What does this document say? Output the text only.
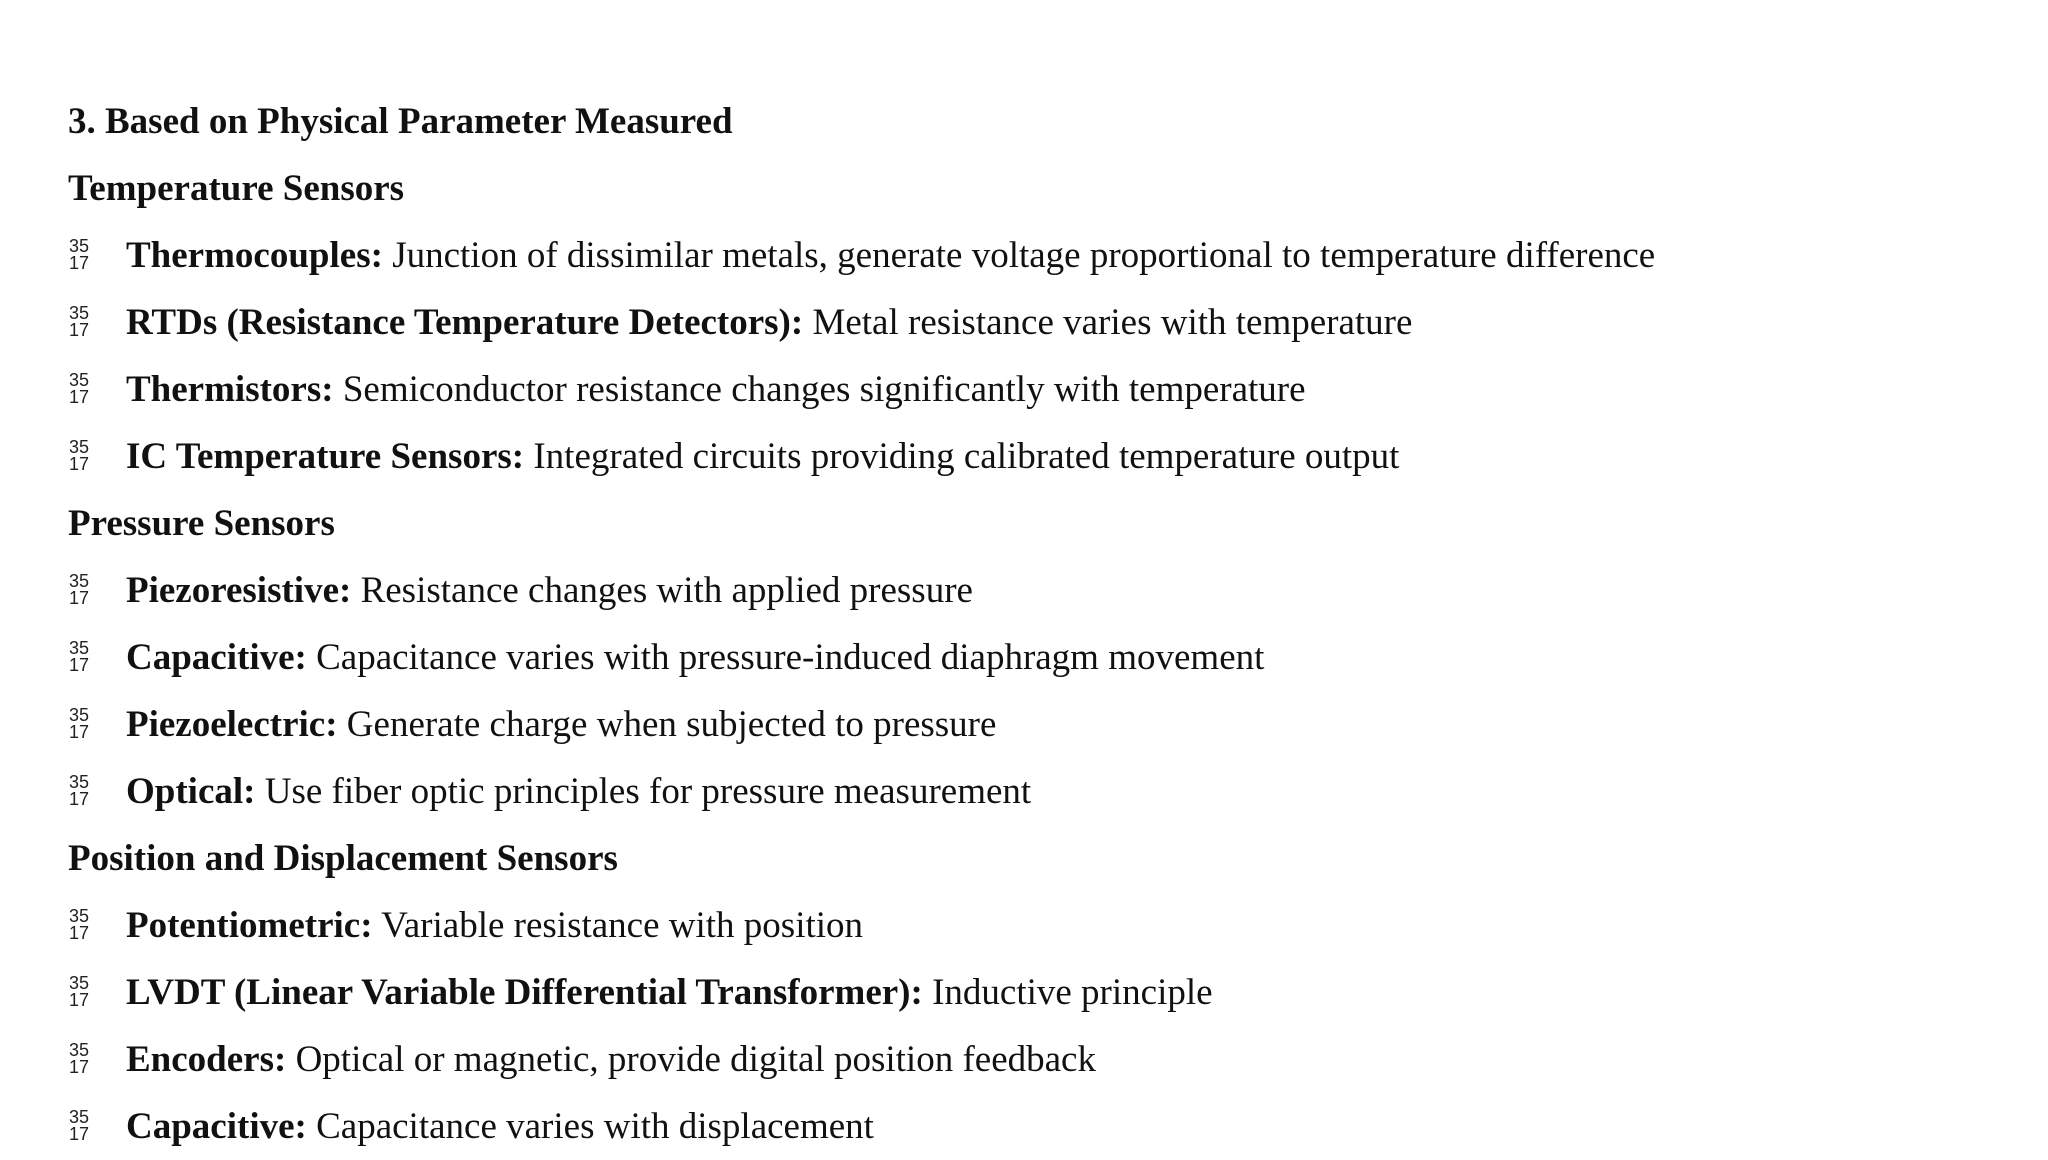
3. Based on Physical Parameter Measured
Temperature Sensors
35
17 Thermocouples: Junction of dissimilar metals, generate voltage proportional to temperature difference
35
17 RTDs (Resistance Temperature Detectors): Metal resistance varies with temperature
35
17 Thermistors: Semiconductor resistance changes significantly with temperature
35
17 IC Temperature Sensors: Integrated circuits providing calibrated temperature output
Pressure Sensors
35
17 Piezoresistive: Resistance changes with applied pressure
35
17 Capacitive: Capacitance varies with pressure-induced diaphragm movement
35
17 Piezoelectric: Generate charge when subjected to pressure
35
17 Optical: Use fiber optic principles for pressure measurement
Position and Displacement Sensors
35
17 Potentiometric: Variable resistance with position
35
17 LVDT (Linear Variable Differential Transformer): Inductive principle
35
17 Encoders: Optical or magnetic, provide digital position feedback
35
17 Capacitive: Capacitance varies with displacement
